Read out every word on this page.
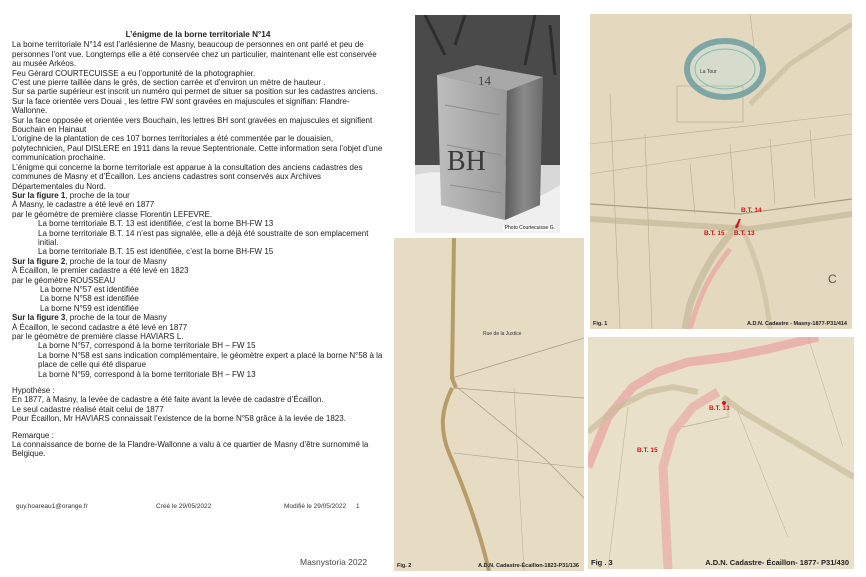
L’énigme de la borne territoriale N°14

La borne territoriale N°14 est l’arlésienne de Masny, beaucoup de personnes en ont parlé et peu de personnes l’ont vue. Longtemps elle a été conservée chez un particulier, maintenant elle est conservée au musée Arkéos.

Feu Gérard COURTECUISSE a eu l’opportunité de la photographier.

C’est une pierre taillée dans le grès, de section carrée et d’environ un mètre de hauteur .

Sur sa partie supérieur est inscrit un numéro qui permet de situer sa position sur les cadastres anciens.

Sur la face orientée vers Douai , les lettre FW sont gravées en majuscules et signifian: Flandre-Wallonne.

Sur la face opposée et orientée vers Bouchain, les lettres BH sont gravées en majuscules et signifient Bouchain en Hainaut

L’origine de la plantation de ces 107 bornes territoriales a été commentée par le douaisien, polytechnicien, Paul DISLERE en 1911 dans la revue Septentrionale. Cette information sera l’objet d’une communication prochaine.

L’énigme qui concerne la borne territoriale est apparue à la consultation des anciens cadastres des communes de Masny et d’Écaillon. Les anciens cadastres sont conservés aux Archives Départementales du Nord.

Sur la figure 1, proche de la tour

À Masny, le cadastre a été levé en 1877

par le géomètre de première classe Florentin LEFEVRE.

La borne territoriale B.T. 13 est identifiée, c’est la borne BH-FW 13

La borne territoriale B.T. 14 n’est pas signalée, elle a déjà été soustraite de son emplacement initial.

La borne territoriale B.T. 15 est identifiée, c’est la borne BH-FW 15

Sur la figure 2, proche de la tour de Masny

À Écaillon, le premier cadastre a été levé en 1823

par le géomètre ROUSSEAU

La borne N°57 est identifiée

La borne N°58 est identifiée

La borne N°59 est identifiée

Sur la figure 3, proche de la tour de Masny

À Écaillon, le second cadastre a été levé en 1877

par le géomètre de première classe HAVIARS L.

La borne N°57, correspond à la borne territoriale BH – FW 15

La borne N°58 est sans indication complémentaire, le géomètre expert a placé la borne N°58 à la place de celle qui été disparue

La borne N°59, correspond à la borne territoriale BH – FW 13

Hypothèse :

En 1877, à Masny, la levée de cadastre a été faite avant la levée de cadastre d’Écaillon.

Le seul cadastre réalisé était celui de 1877

Pour Écaillon, Mr HAVIARS connaissait l’existence de la borne N°58 grâce à la levée de 1823.

Remarque :

La connaissance de borne de la Flandre-Wallonne a valu à ce quartier de Masny d’être surnommé la Belgique.

guy.hoareau1@orange.fr	Créé le 29/05/2022	Modifié le 29/05/2022 1
Masnystoria 2022
14
BH
Photo Courtecuisse G.
La Tour
B.T. 14
B.T. 15 B.T. 13
C
Fig. 1	A.D.N. Cadastre - Masny-1877-P31/414
Rue de la Justice
Fig. 2	A.D.N. Cadastre-Écaillon-1823-P31/136
B.T. 13
B.T. 15
Fig . 3	A.D.N. Cadastre- Écaillon- 1877- P31/430
